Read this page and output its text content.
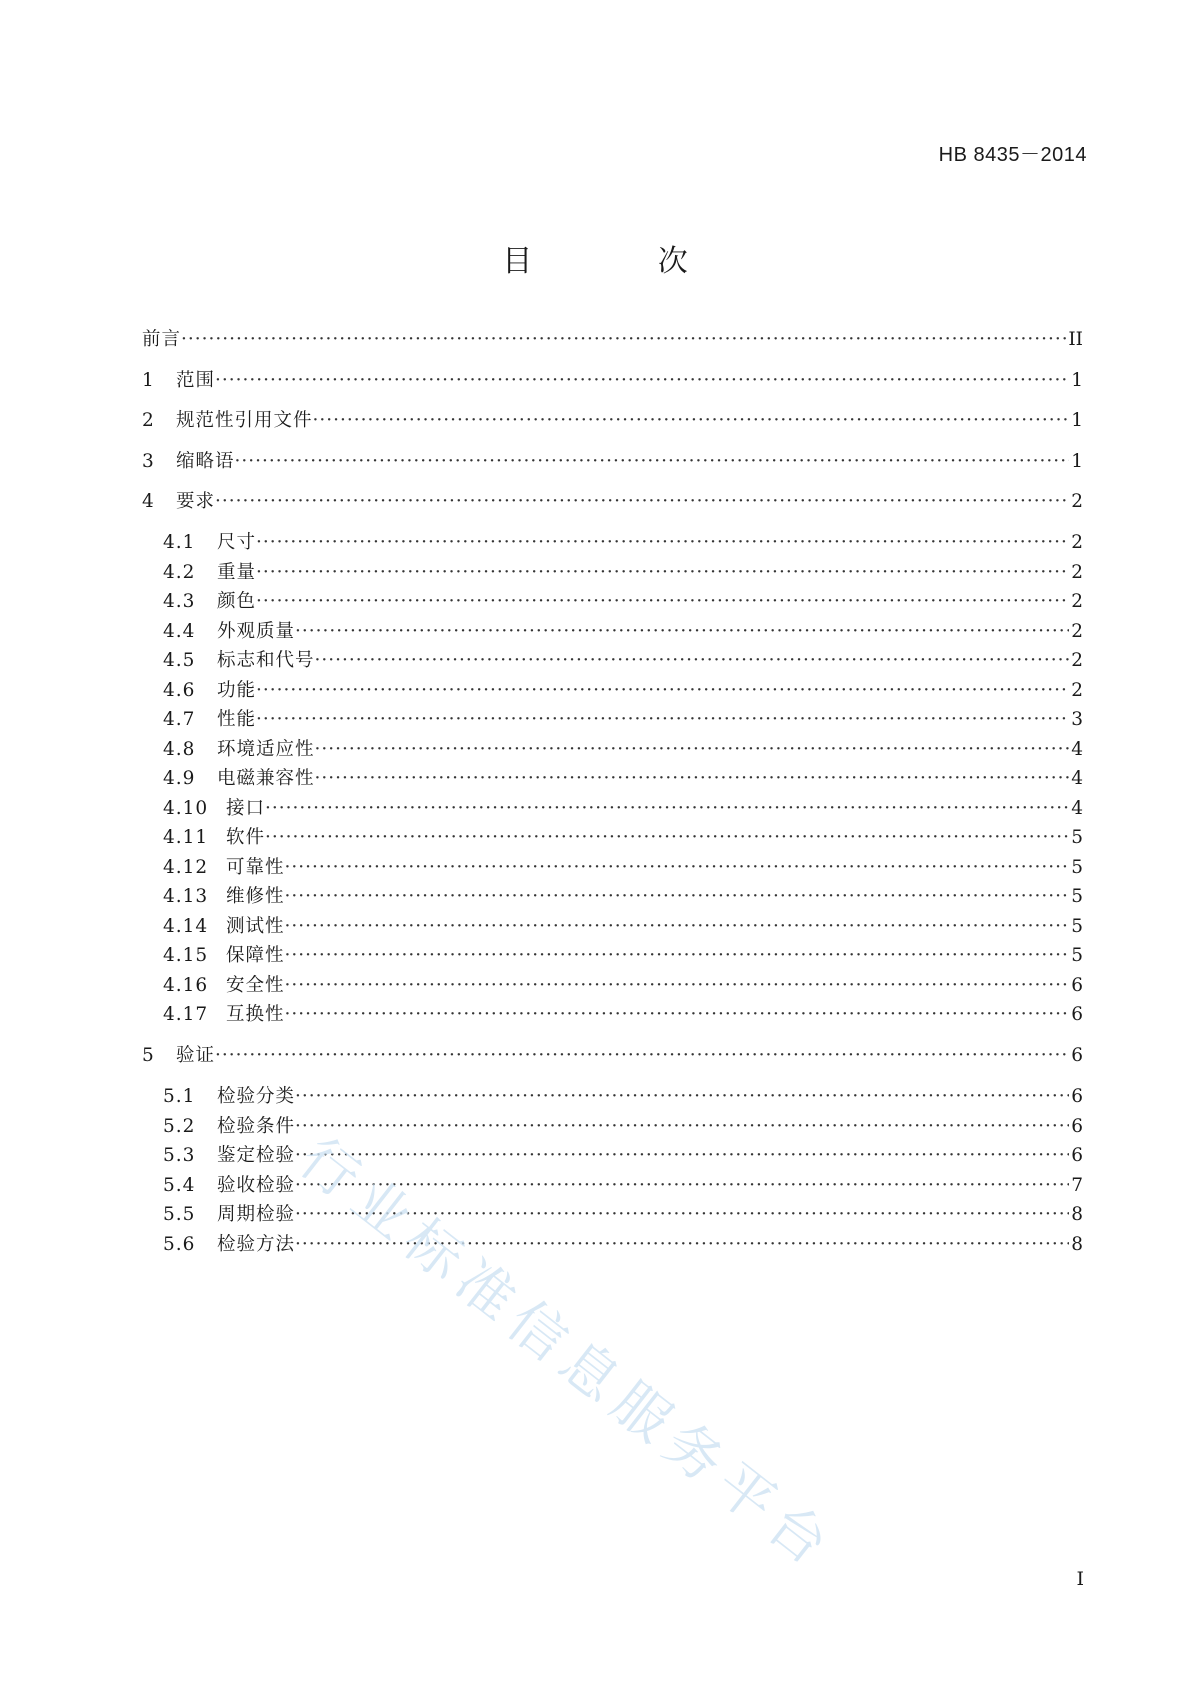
HB 8435－2014
目 次
前言 ·····	II
1	范围 ·····	1
2	规范性引用文件 ·····	1
3	缩略语 ·····	1
4	要求 ·····	2
4.1	尺寸 ·····	2
4.2	重量 ·····	2
4.3	颜色 ·····	2
4.4	外观质量 ·····	2
4.5	标志和代号 ·····	2
4.6	功能 ·····	2
4.7	性能 ·····	3
4.8	环境适应性 ·····	4
4.9	电磁兼容性 ·····	4
4.10 接口 ·····	4
4.11 软件 ·····	5
4.12 可靠性 ·····	5
4.13 维修性 ·····	5
4.14 测试性 ·····	5
4.15 保障性 ·····	5
4.16 安全性 ·····	6
4.17 互换性 ·····	6
5	验证 ·····	6
5.1	检验分类 ·····	6
5.2	检验条件 ·····	6
5.3	鉴定检验 ·····	6
5.4	验收检验 ·····	7
5.5	周期检验 ·····	8
5.6	检验方法 ·····	8
I
行业标准信息服务平台
